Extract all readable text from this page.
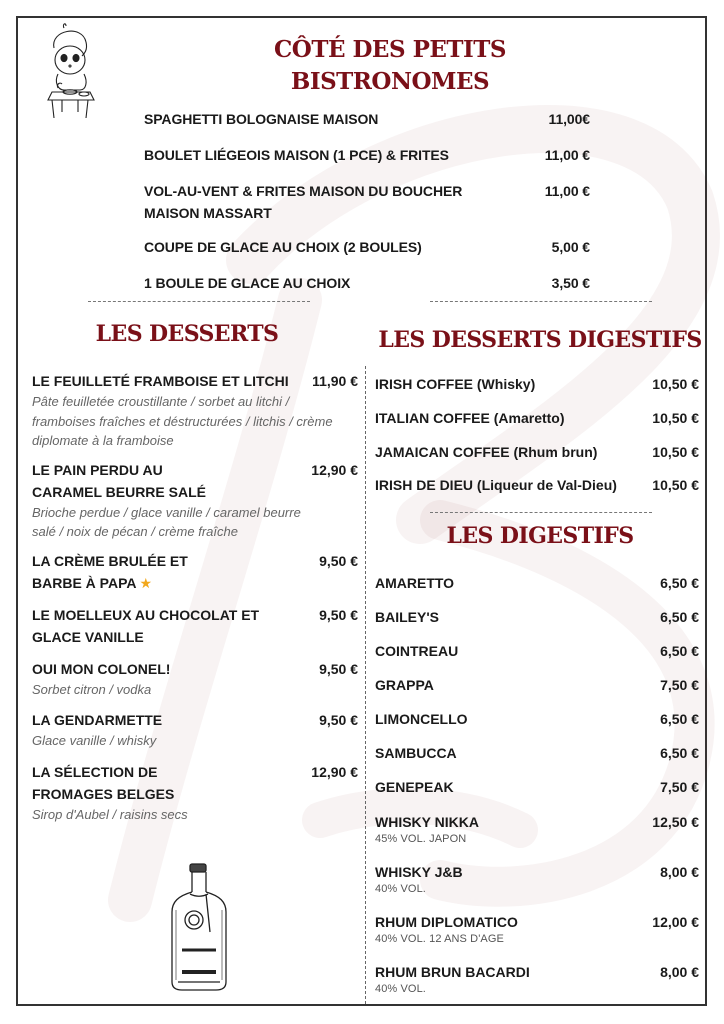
CÔTÉ DES PETITS
BISTRONOMES
SPAGHETTI BOLOGNAISE MAISON	11,00€
BOULET LIÉGEOIS MAISON (1 PCE) & FRITES	11,00 €
VOL-AU-VENT & FRITES MAISON DU BOUCHER MAISON MASSART
11,00 €
COUPE DE GLACE AU CHOIX (2 BOULES)	5,00 €
1 BOULE DE GLACE AU CHOIX	3,50 €
LES DESSERTS	LES DESSERTS DIGESTIFS
LE FEUILLETÉ FRAMBOISE ET LITCHI	11,90 €
Pâte feuilletée croustillante / sorbet au litchi / framboises fraîches et déstructurées / litchis / crème diplomate à la framboise
LE PAIN PERDU AU CARAMEL BEURRE SALÉ
12,90 €
Brioche perdue / glace vanille / caramel beurre salé / noix de pécan / crème fraîche
LA CRÈME BRULÉE ET BARBE À PAPA ★
9,50 €
LE MOELLEUX AU CHOCOLAT ET GLACE VANILLE
9,50 €
OUI MON COLONEL!	9,50 €
Sorbet citron / vodka
LA GENDARMETTE	9,50 €
Glace vanille / whisky
LA SÉLECTION DE FROMAGES BELGES
12,90 €
Sirop d'Aubel / raisins secs
IRISH COFFEE (Whisky)	10,50 €
ITALIAN COFFEE (Amaretto)	10,50 €
JAMAICAN COFFEE (Rhum brun)	10,50 €
IRISH DE DIEU (Liqueur de Val-Dieu)	10,50 €
LES DIGESTIFS
AMARETTO	6,50 €
BAILEY'S	6,50 €
COINTREAU	6,50 €
GRAPPA	7,50 €
LIMONCELLO	6,50 €
SAMBUCCA	6,50 €
GENEPEAK	7,50 €
WHISKY NIKKA	12,50 €
45% VOL. JAPON
WHISKY J&B	8,00 €
40% VOL.
RHUM DIPLOMATICO	12,00 €
40% VOL. 12 ANS D'AGE
RHUM BRUN BACARDI	8,00 €
40% VOL.
